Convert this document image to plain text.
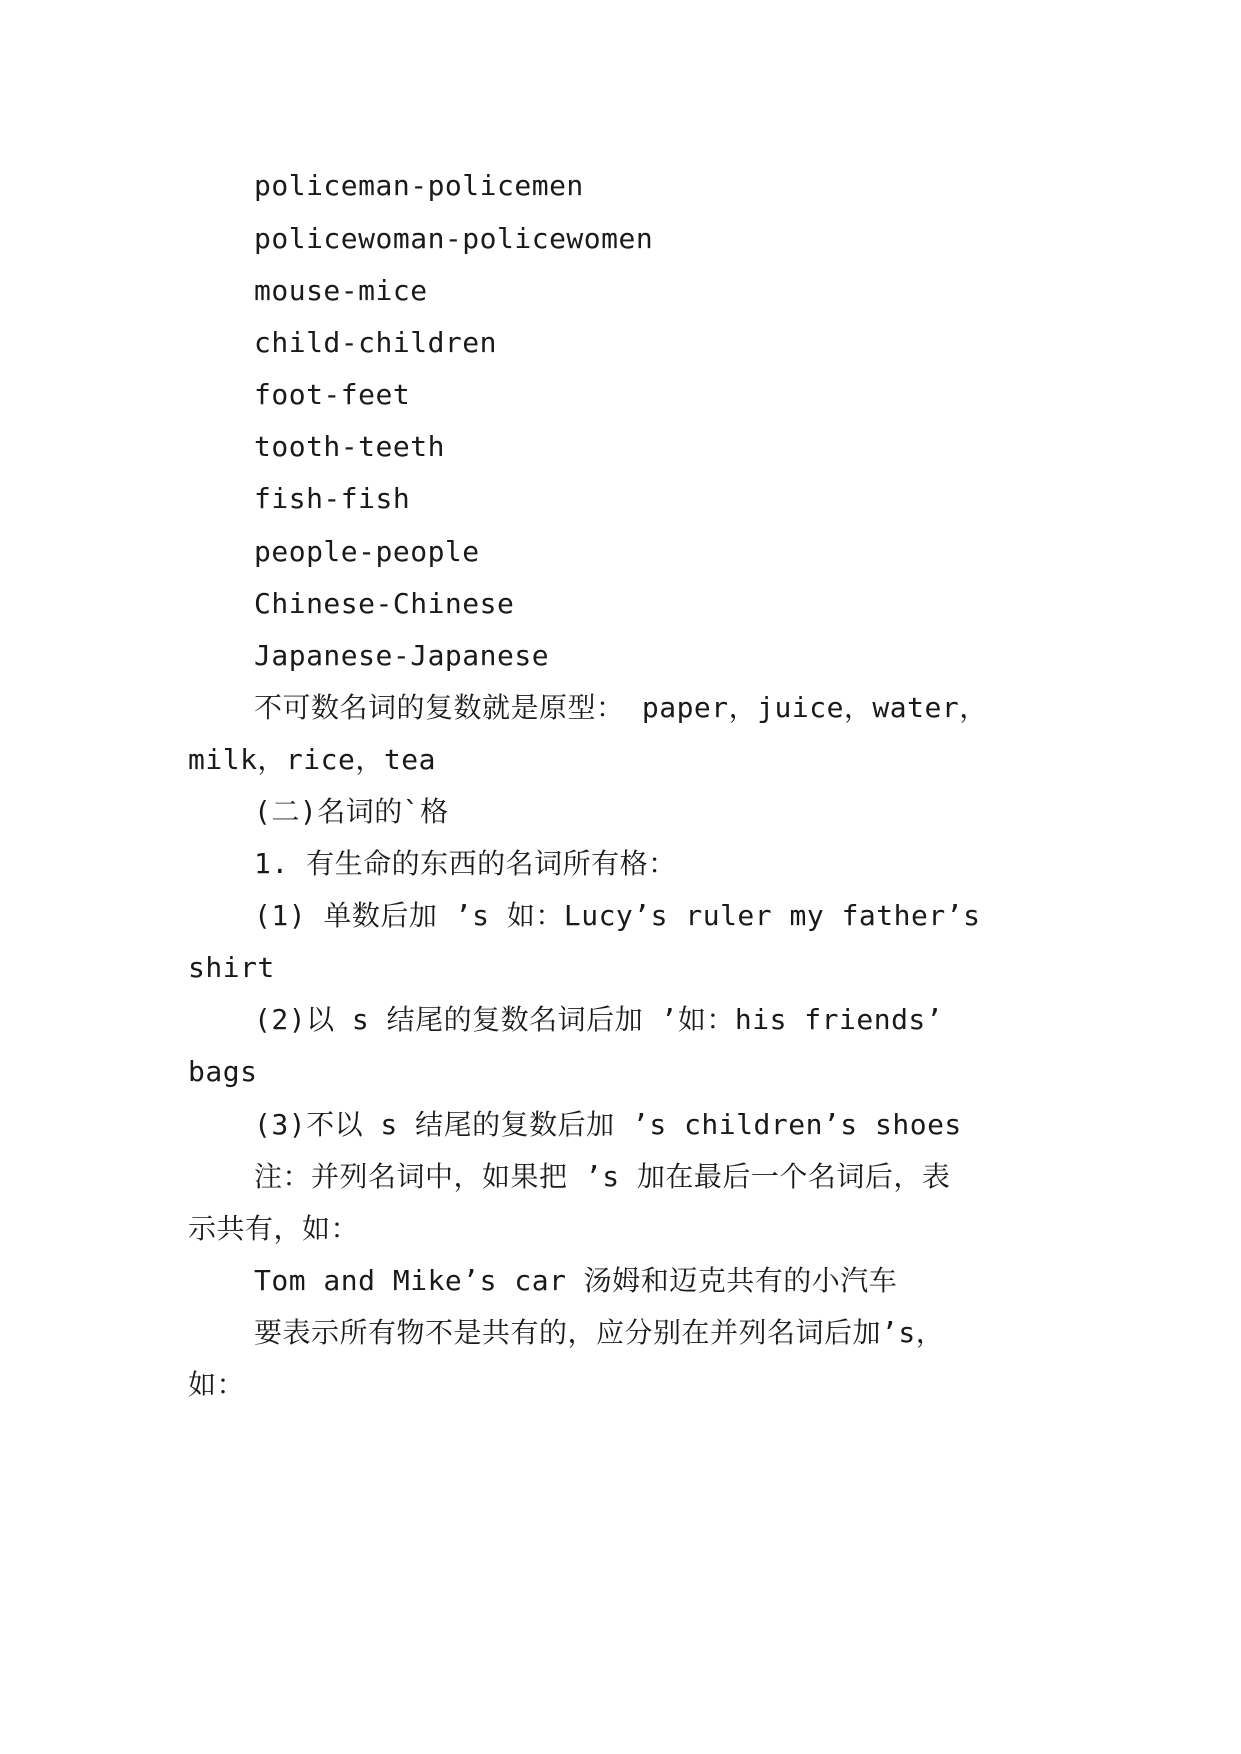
policeman-policemen
policewoman-policewomen
mouse-mice
child-children
foot-feet
tooth-teeth
fish-fish
people-people
Chinese-Chinese
Japanese-Japanese
不可数名词的复数就是原型： paper，juice，water，
milk，rice，tea
(二)名词的`格
1. 有生命的东西的名词所有格：
(1) 单数后加 ’s 如：Lucy’s ruler my father’s
shirt
(2)以 s 结尾的复数名词后加 ’如：his friends’
bags
(3)不以 s 结尾的复数后加 ’s children’s shoes
注：并列名词中，如果把 ’s 加在最后一个名词后，表
示共有，如：
Tom and Mike’s car 汤姆和迈克共有的小汽车
要表示所有物不是共有的，应分别在并列名词后加’s，
如：
